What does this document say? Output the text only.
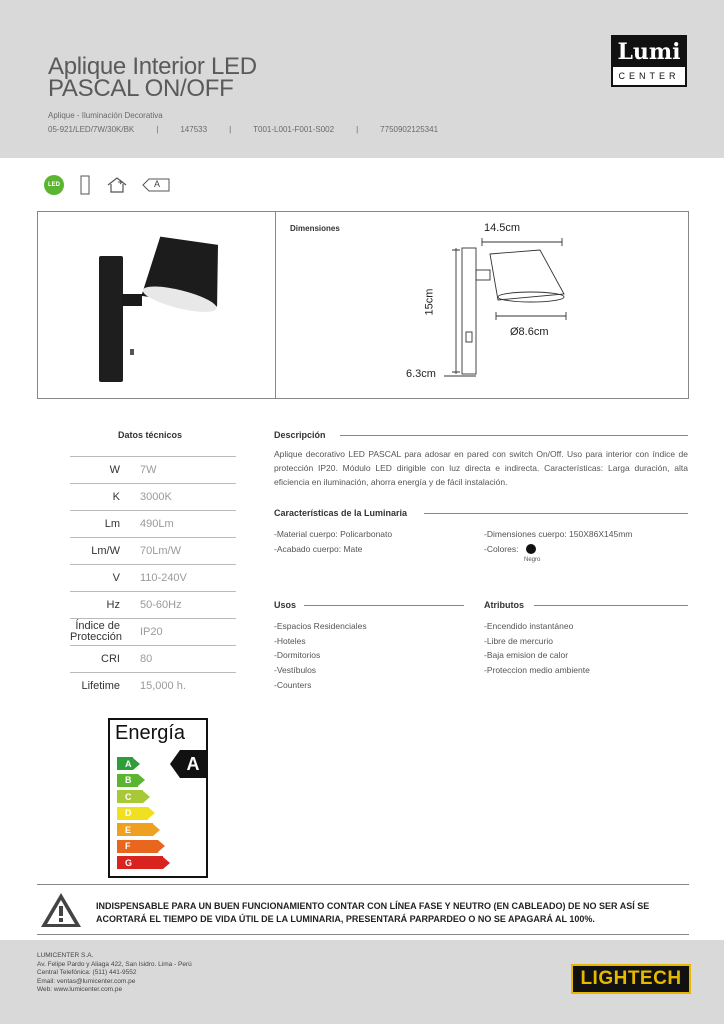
Aplique Interior LED
PASCAL ON/OFF
Aplique - Iluminación Decorativa
05-921/LED/7W/30K/BK	|	147533	|	T001-L001-F001-S002	|	7750902125341
Lumi
CENTER
LED	A
Dimensiones	14.5cm
15cm
Ø8.6cm
6.3cm
Datos técnicos
W	7W
K	3000K
Lm	490Lm
Lm/W	70Lm/W
V	110-240V
Hz	50-60Hz
Índice de Protección	IP20
CRI	80
Lifetime	15,000 h.
Descripción
Aplique decorativo LED PASCAL para adosar en pared con switch On/Off. Uso para interior con índice de protección IP20. Módulo LED dirigible con luz directa e indirecta. Características: Larga duración, alta eficiencia en iluminación, ahorra energía y de fácil instalación.
Características de la Luminaria
-Material cuerpo: Policarbonato
-Acabado cuerpo: Mate
-Dimensiones cuerpo: 150X86X145mm
-Colores:
Negro
Usos
-Espacios Residenciales
-Hoteles
-Dormitorios
-Vestíbulos
-Counters
Atributos
-Encendido instantáneo
-Libre de mercurio
-Baja emision de calor
-Proteccion medio ambiente
Energía
A
B
C
D
E
F
G
A
INDISPENSABLE PARA UN BUEN FUNCIONAMIENTO CONTAR CON LÍNEA FASE Y NEUTRO (EN CABLEADO) DE NO SER ASÍ SE ACORTARÁ EL TIEMPO DE VIDA ÚTIL DE LA LUMINARIA, PRESENTARÁ PARPARDEO O NO SE APAGARÁ AL 100%.
LUMICENTER S.A.
Av. Felipe Pardo y Aliaga 422, San Isidro. Lima - Perú
Central Telefónica: (511) 441-9552
Email: ventas@lumicenter.com.pe
Web: www.lumicenter.com.pe
LIGHTECH
